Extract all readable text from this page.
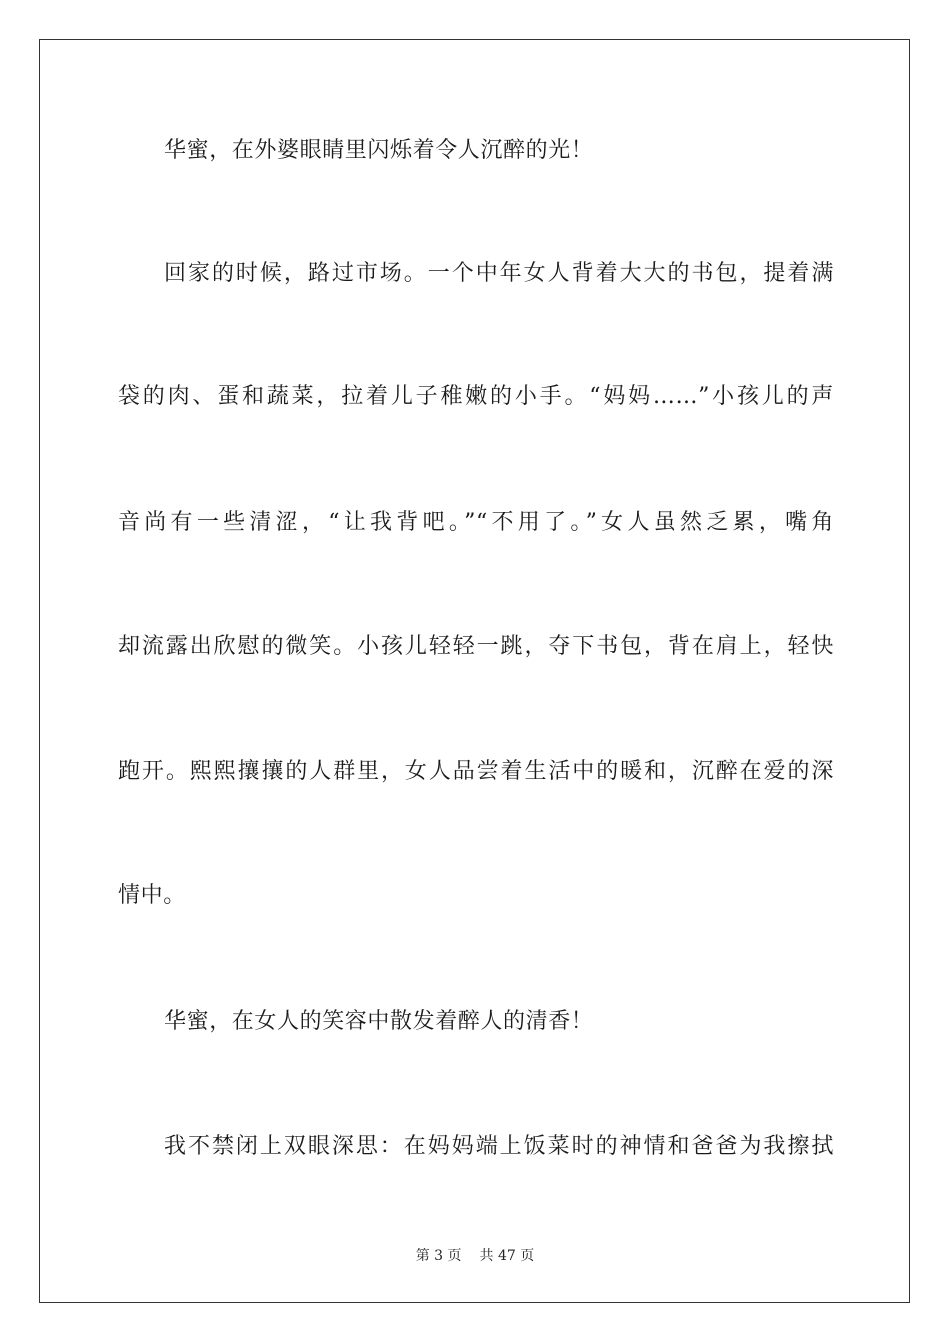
华蜜，在外婆眼睛里闪烁着令人沉醉的光！
回家的时候，路过市场。一个中年女人背着大大的书包，提着满
袋的肉、蛋和蔬菜，拉着儿子稚嫩的小手。“妈妈……”小孩儿的声
音尚有一些清涩，“让我背吧。”“不用了。”女人虽然乏累，嘴角
却流露出欣慰的微笑。小孩儿轻轻一跳，夺下书包，背在肩上，轻快
跑开。熙熙攘攘的人群里，女人品尝着生活中的暖和，沉醉在爱的深
情中。
华蜜，在女人的笑容中散发着醉人的清香！
我不禁闭上双眼深思：在妈妈端上饭菜时的神情和爸爸为我擦拭
第 3 页 共 47 页
